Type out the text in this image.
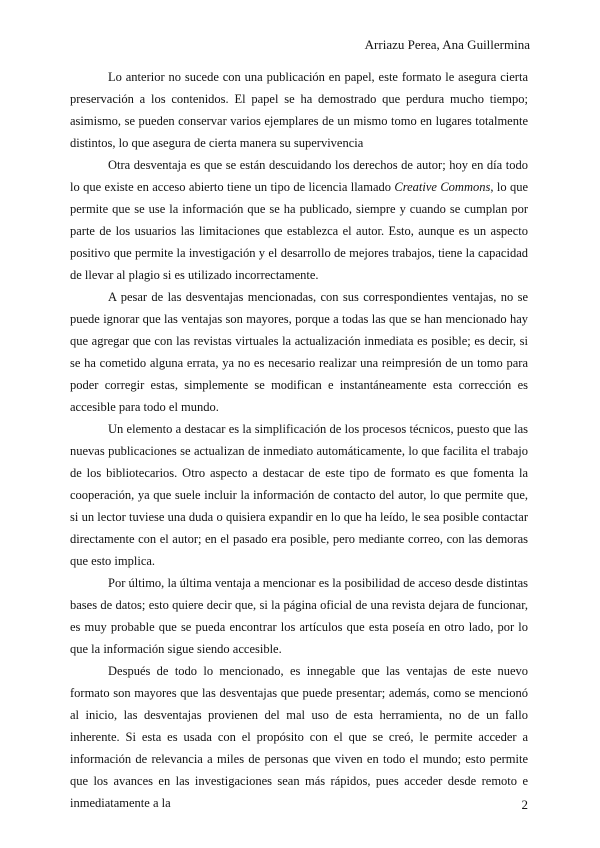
Arriazu Perea, Ana Guillermina

Lo anterior no sucede con una publicación en papel, este formato le asegura cierta preservación a los contenidos. El papel se ha demostrado que perdura mucho tiempo; asimismo, se pueden conservar varios ejemplares de un mismo tomo en lugares totalmente distintos, lo que asegura de cierta manera su supervivencia

Otra desventaja es que se están descuidando los derechos de autor; hoy en día todo lo que existe en acceso abierto tiene un tipo de licencia llamado Creative Commons, lo que permite que se use la información que se ha publicado, siempre y cuando se cumplan por parte de los usuarios las limitaciones que establezca el autor. Esto, aunque es un aspecto positivo que permite la investigación y el desarrollo de mejores trabajos, tiene la capacidad de llevar al plagio si es utilizado incorrectamente.

A pesar de las desventajas mencionadas, con sus correspondientes ventajas, no se puede ignorar que las ventajas son mayores, porque a todas las que se han mencionado hay que agregar que con las revistas virtuales la actualización inmediata es posible; es decir, si se ha cometido alguna errata, ya no es necesario realizar una reimpresión de un tomo para poder corregir estas, simplemente se modifican e instantáneamente esta corrección es accesible para todo el mundo.

Un elemento a destacar es la simplificación de los procesos técnicos, puesto que las nuevas publicaciones se actualizan de inmediato automáticamente, lo que facilita el trabajo de los bibliotecarios. Otro aspecto a destacar de este tipo de formato es que fomenta la cooperación, ya que suele incluir la información de contacto del autor, lo que permite que, si un lector tuviese una duda o quisiera expandir en lo que ha leído, le sea posible contactar directamente con el autor; en el pasado era posible, pero mediante correo, con las demoras que esto implica.

Por último, la última ventaja a mencionar es la posibilidad de acceso desde distintas bases de datos; esto quiere decir que, si la página oficial de una revista dejara de funcionar, es muy probable que se pueda encontrar los artículos que esta poseía en otro lado, por lo que la información sigue siendo accesible.

Después de todo lo mencionado, es innegable que las ventajas de este nuevo formato son mayores que las desventajas que puede presentar; además, como se mencionó al inicio, las desventajas provienen del mal uso de esta herramienta, no de un fallo inherente. Si esta es usada con el propósito con el que se creó, le permite acceder a información de relevancia a miles de personas que viven en todo el mundo; esto permite que los avances en las investigaciones sean más rápidos, pues acceder desde remoto e inmediatamente a la	2
